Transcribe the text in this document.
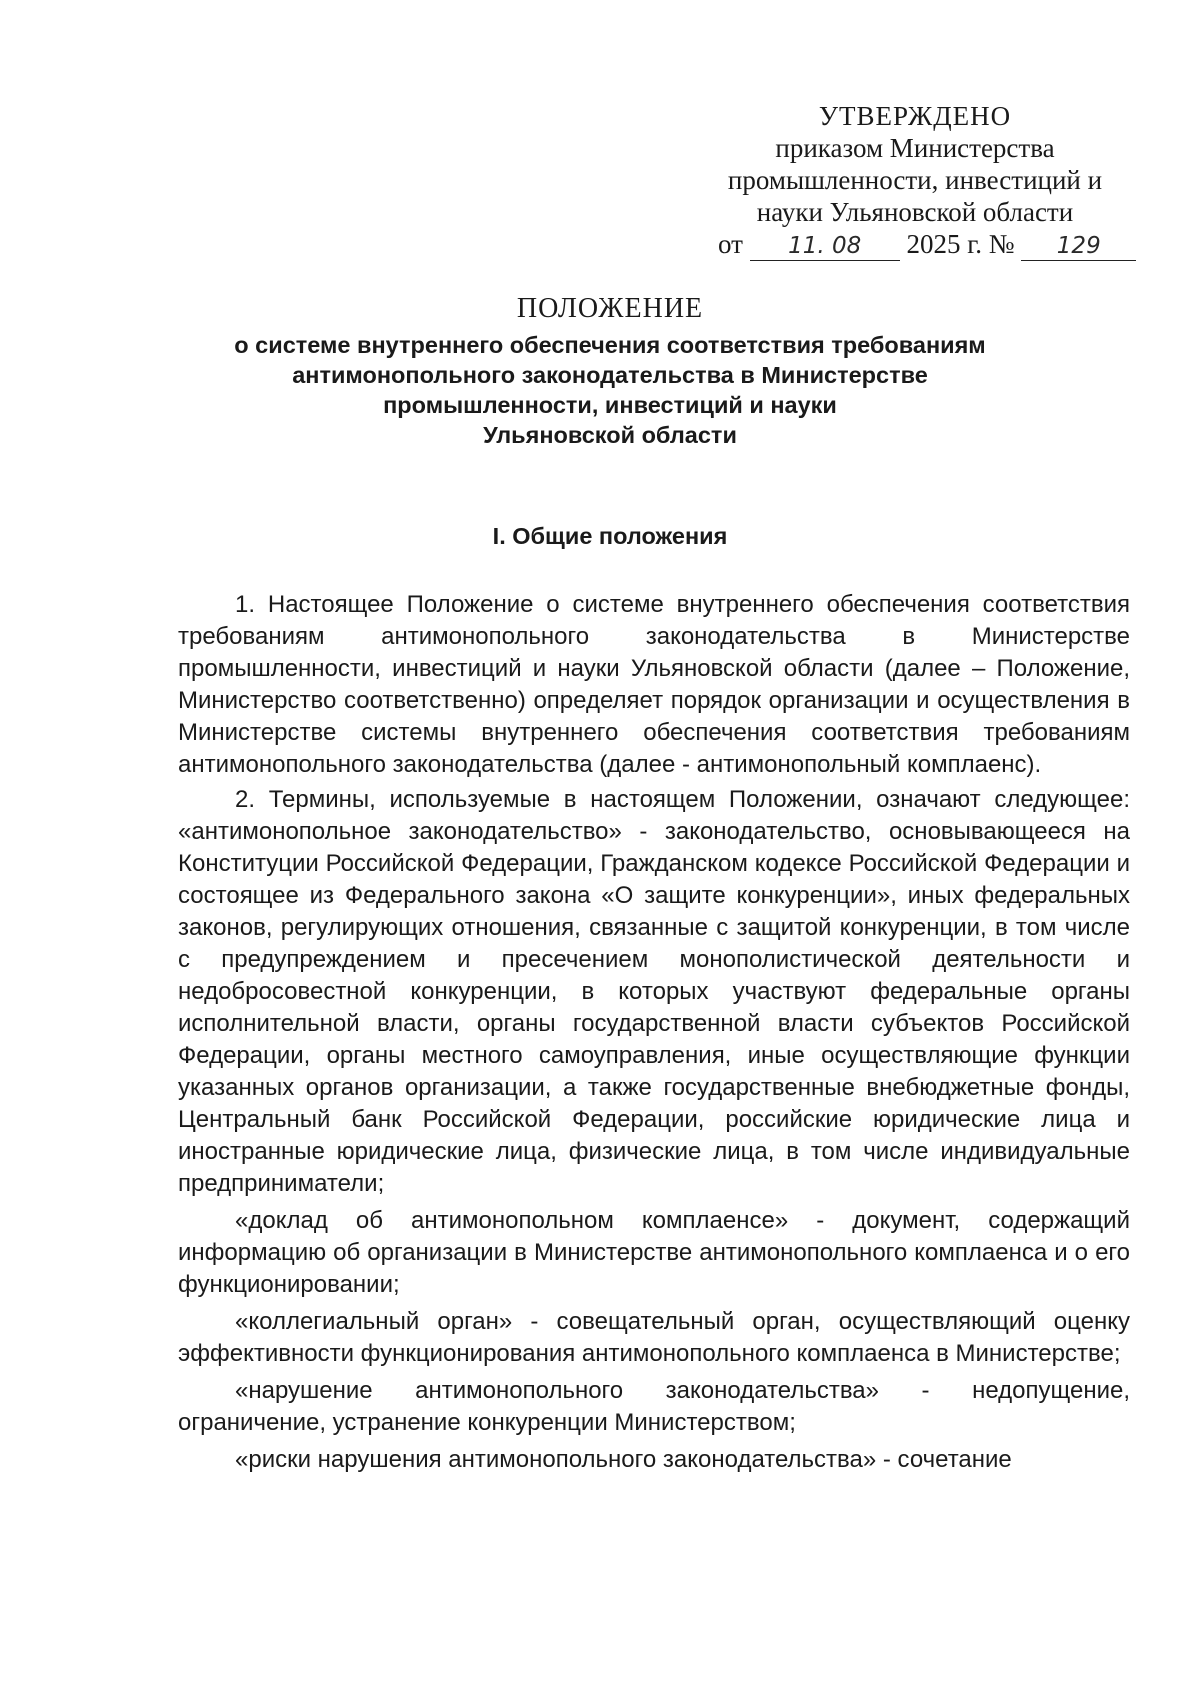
УТВЕРЖДЕНО
приказом Министерства
промышленности, инвестиций и
науки Ульяновской области
от 11. 08 2025 г. № 129
ПОЛОЖЕНИЕ
о системе внутреннего обеспечения соответствия требованиям
антимонопольного законодательства в Министерстве
промышленности, инвестиций и науки
Ульяновской области
I. Общие положения

1. Настоящее Положение о системе внутреннего обеспечения соответствия требованиям антимонопольного законодательства в Министерстве промышленности, инвестиций и науки Ульяновской области (далее – Положение, Министерство соответственно) определяет порядок организации и осуществления в Министерстве системы внутреннего обеспечения соответствия требованиям антимонопольного законодательства (далее - антимонопольный комплаенс).

2. Термины, используемые в настоящем Положении, означают следующее: «антимонопольное законодательство» - законодательство, основывающееся на Конституции Российской Федерации, Гражданском кодексе Российской Федерации и состоящее из Федерального закона «О защите конкуренции», иных федеральных законов, регулирующих отношения, связанные с защитой конкуренции, в том числе с предупреждением и пресечением монополистической деятельности и недобросовестной конкуренции, в которых участвуют федеральные органы исполнительной власти, органы государственной власти субъектов Российской Федерации, органы местного самоуправления, иные осуществляющие функции указанных органов организации, а также государственные внебюджетные фонды, Центральный банк Российской Федерации, российские юридические лица и иностранные юридические лица, физические лица, в том числе индивидуальные предприниматели;

«доклад об антимонопольном комплаенсе» - документ, содержащий информацию об организации в Министерстве антимонопольного комплаенса и о его функционировании;

«коллегиальный орган» - совещательный орган, осуществляющий оценку эффективности функционирования антимонопольного комплаенса в Министерстве;

«нарушение антимонопольного законодательства» - недопущение, ограничение, устранение конкуренции Министерством;

«риски нарушения антимонопольного законодательства» - сочетание
